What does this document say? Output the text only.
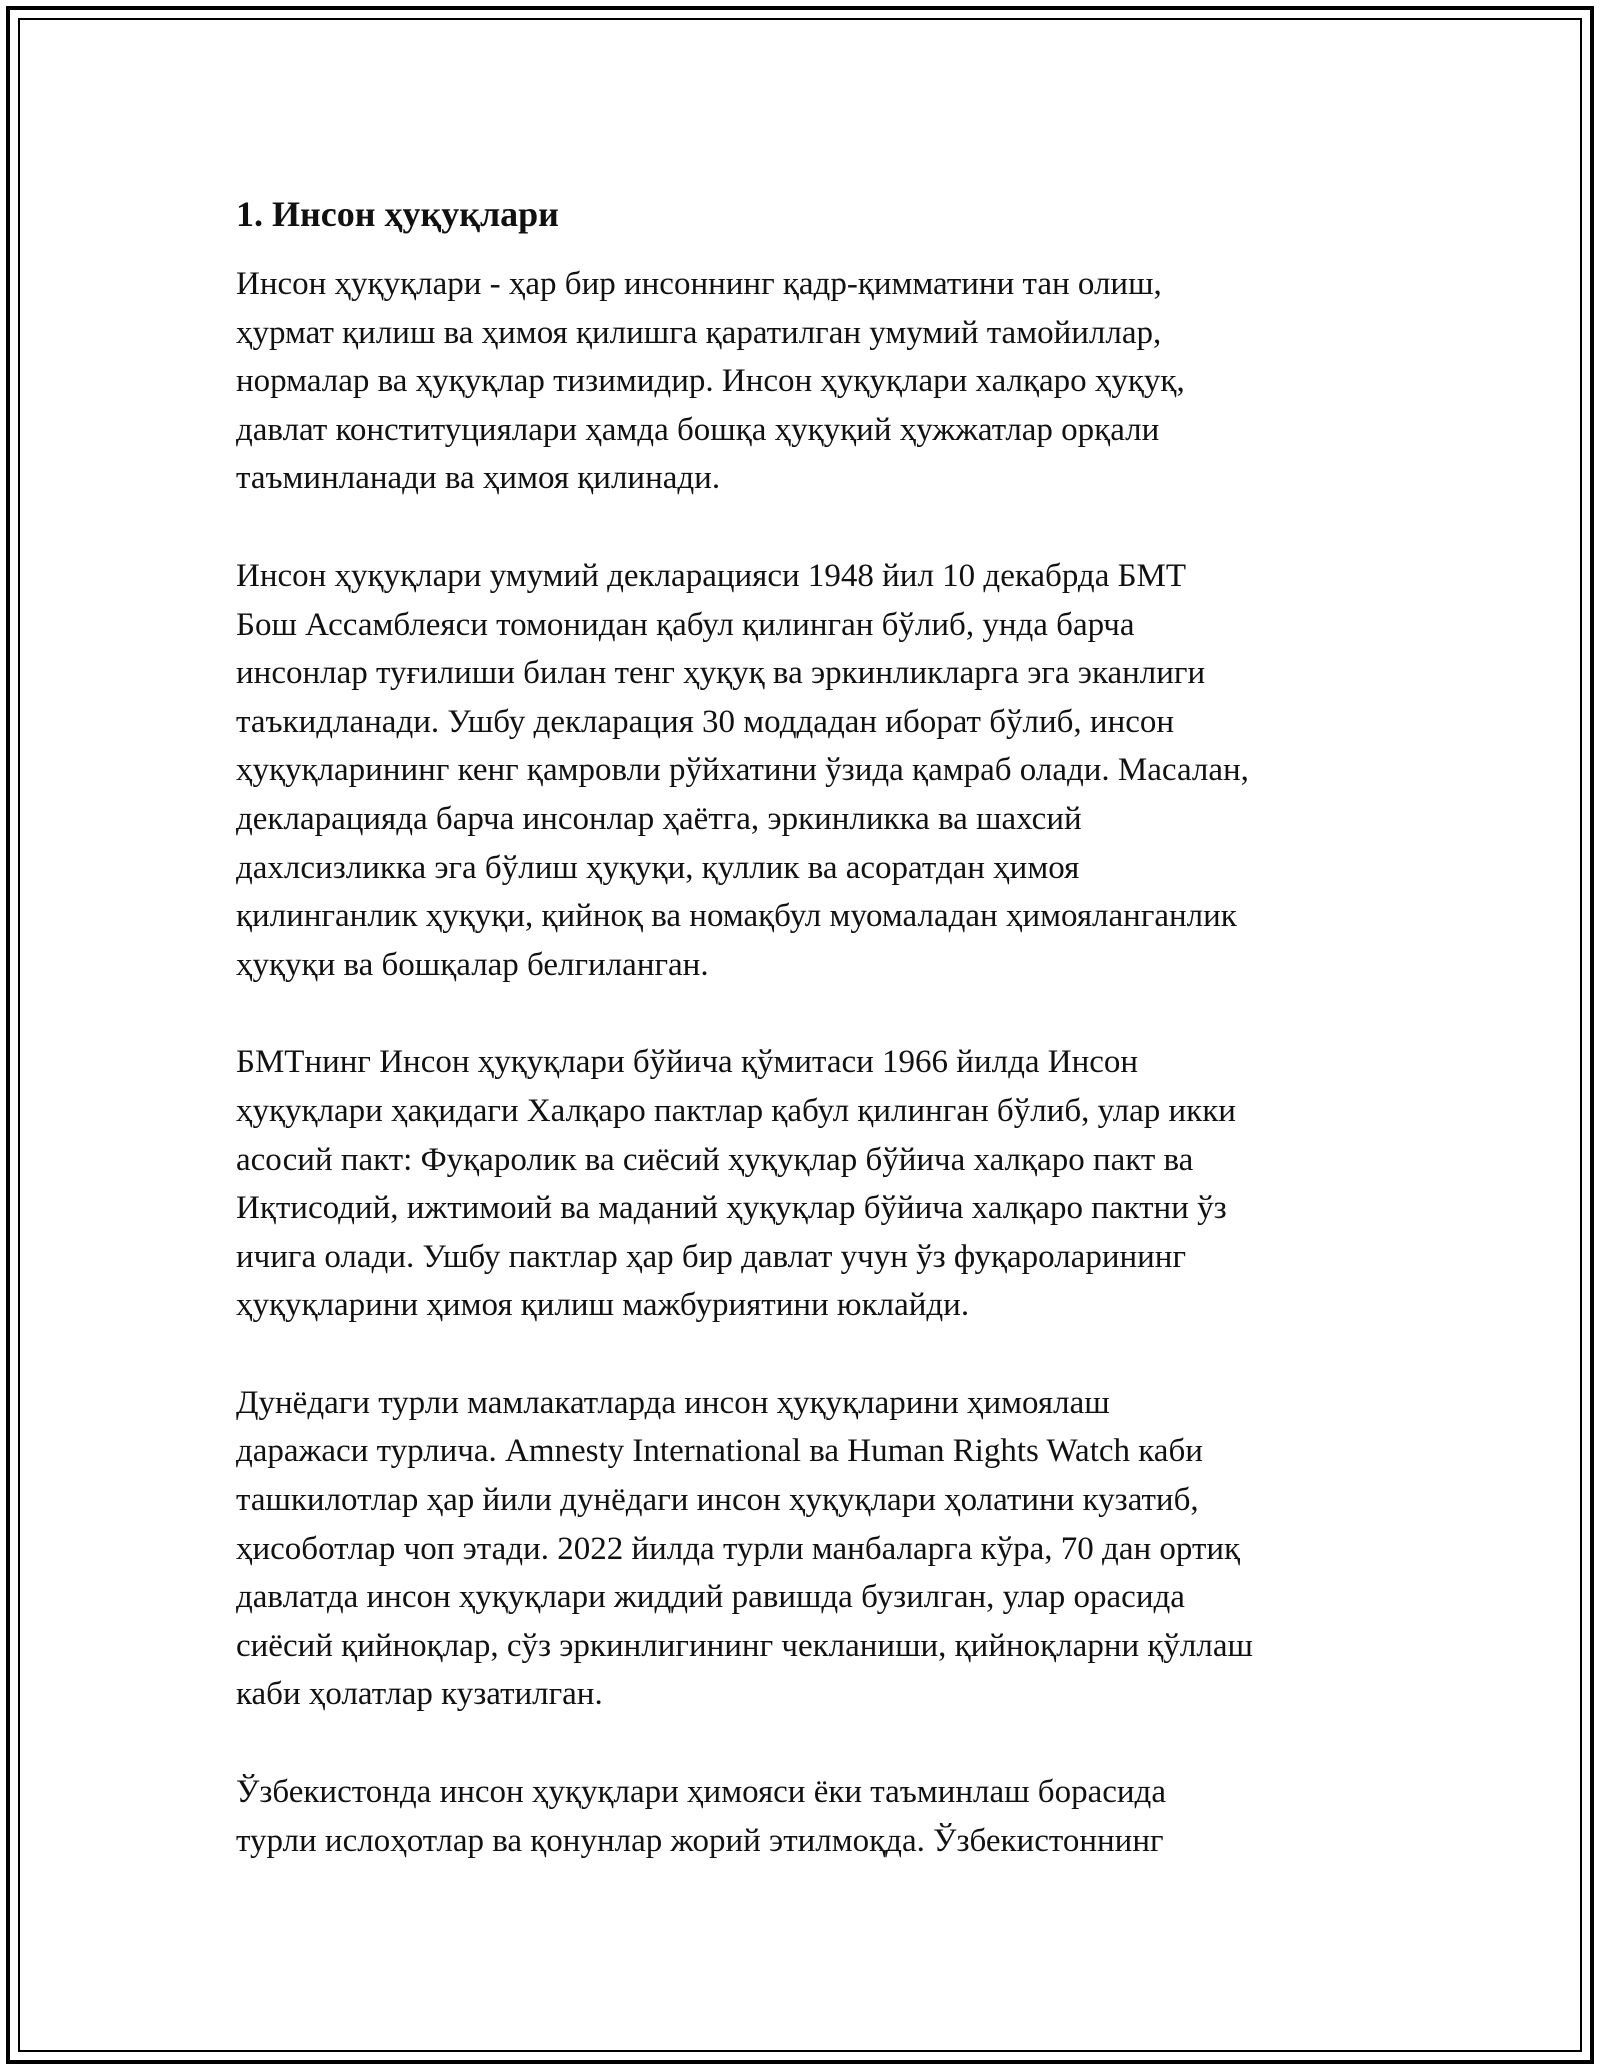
1. Инсон ҳуқуқлари

Инсон ҳуқуқлари - ҳар бир инсоннинг қадр-қимматини тан олиш,
ҳурмат қилиш ва ҳимоя қилишга қаратилган умумий тамойиллар,
нормалар ва ҳуқуқлар тизимидир. Инсон ҳуқуқлари халқаро ҳуқуқ,
давлат конституциялари ҳамда бошқа ҳуқуқий ҳужжатлар орқали
таъминланади ва ҳимоя қилинади.

Инсон ҳуқуқлари умумий декларацияси 1948 йил 10 декабрда БМТ
Бош Ассамблеяси томонидан қабул қилинган бўлиб, унда барча
инсонлар туғилиши билан тенг ҳуқуқ ва эркинликларга эга эканлиги
таъкидланади. Ушбу декларация 30 моддадан иборат бўлиб, инсон
ҳуқуқларининг кенг қамровли рўйхатини ўзида қамраб олади. Масалан,
декларацияда барча инсонлар ҳаётга, эркинликка ва шахсий
дахлсизликка эга бўлиш ҳуқуқи, қуллик ва асоратдан ҳимоя
қилинганлик ҳуқуқи, қийноқ ва номақбул муомаладан ҳимояланганлик
ҳуқуқи ва бошқалар белгиланган.

БМТнинг Инсон ҳуқуқлари бўйича қўмитаси 1966 йилда Инсон
ҳуқуқлари ҳақидаги Халқаро пактлар қабул қилинган бўлиб, улар икки
асосий пакт: Фуқаролик ва сиёсий ҳуқуқлар бўйича халқаро пакт ва
Иқтисодий, ижтимоий ва маданий ҳуқуқлар бўйича халқаро пактни ўз
ичига олади. Ушбу пактлар ҳар бир давлат учун ўз фуқароларининг
ҳуқуқларини ҳимоя қилиш мажбуриятини юклайди.

Дунёдаги турли мамлакатларда инсон ҳуқуқларини ҳимоялаш
даражаси турлича. Amnesty International ва Human Rights Watch каби
ташкилотлар ҳар йили дунёдаги инсон ҳуқуқлари ҳолатини кузатиб,
ҳисоботлар чоп этади. 2022 йилда турли манбаларга кўра, 70 дан ортиқ
давлатда инсон ҳуқуқлари жиддий равишда бузилган, улар орасида
сиёсий қийноқлар, сўз эркинлигининг чекланиши, қийноқларни қўллаш
каби ҳолатлар кузатилган.

Ўзбекистонда инсон ҳуқуқлари ҳимояси ёки таъминлаш борасида
турли ислоҳотлар ва қонунлар жорий этилмоқда. Ўзбекистоннинг
